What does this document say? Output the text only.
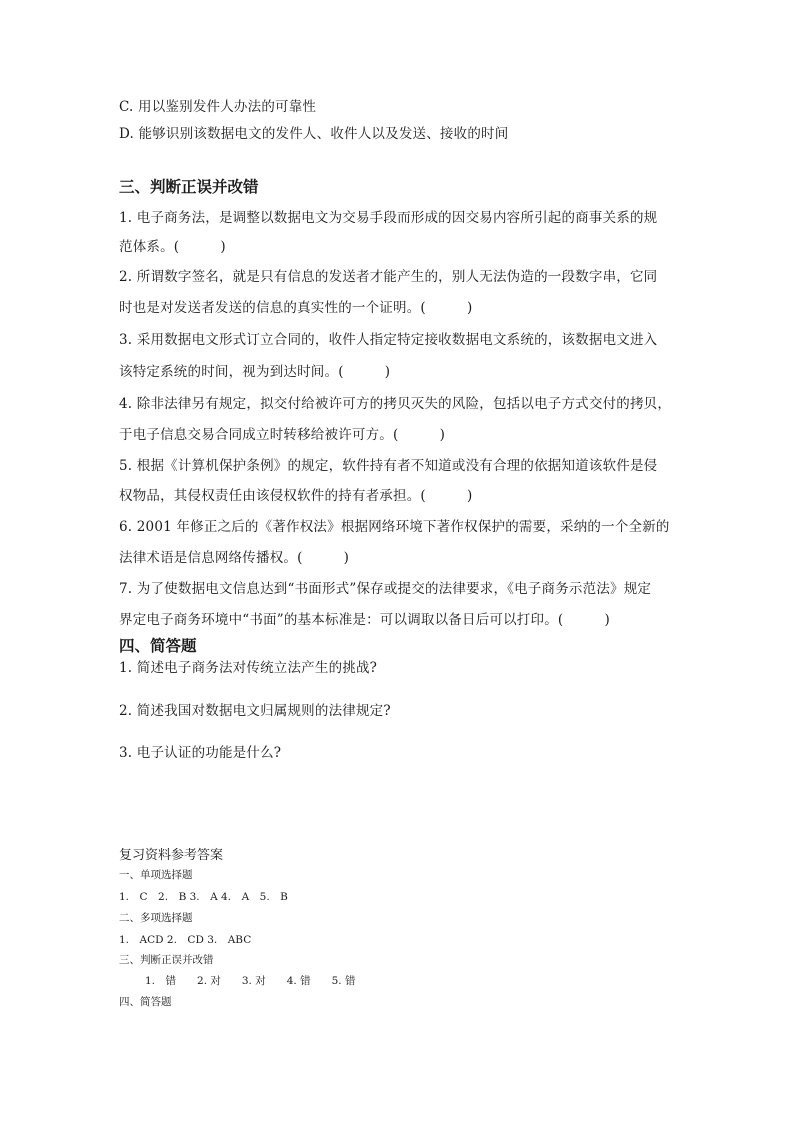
C. 用以鉴别发件人办法的可靠性
D. 能够识别该数据电文的发件人、收件人以及发送、接收的时间
三、判断正误并改错
1. 电子商务法，是调整以数据电文为交易手段而形成的因交易内容所引起的商事关系的规
范体系。(　　　)
2. 所谓数字签名，就是只有信息的发送者才能产生的，别人无法伪造的一段数字串，它同
时也是对发送者发送的信息的真实性的一个证明。(　　　)
3. 采用数据电文形式订立合同的，收件人指定特定接收数据电文系统的，该数据电文进入
该特定系统的时间，视为到达时间。(　　　)
4. 除非法律另有规定，拟交付给被许可方的拷贝灭失的风险，包括以电子方式交付的拷贝，
于电子信息交易合同成立时转移给被许可方。(　　　)
5. 根据《计算机保护条例》的规定，软件持有者不知道或没有合理的依据知道该软件是侵
权物品，其侵权责任由该侵权软件的持有者承担。(　　　)
6. 2001 年修正之后的《著作权法》根据网络环境下著作权保护的需要，采纳的一个全新的
法律术语是信息网络传播权。(　　　)
7. 为了使数据电文信息达到“书面形式”保存或提交的法律要求，《电子商务示范法》规定
界定电子商务环境中“书面”的基本标准是：可以调取以备日后可以打印。(　　　)
四、简答题
1. 简述电子商务法对传统立法产生的挑战?
2. 简述我国对数据电文归属规则的法律规定?
3. 电子认证的功能是什么?
复习资料参考答案
一、单项选择题
1.　C　2.　B 3.　A 4.　A　5.　B
二、多项选择题
1.　ACD 2.　CD 3.　ABC
三、判断正误并改错
1.　错　　2. 对　　3. 对　　4. 错　　5. 错
四、简答题
